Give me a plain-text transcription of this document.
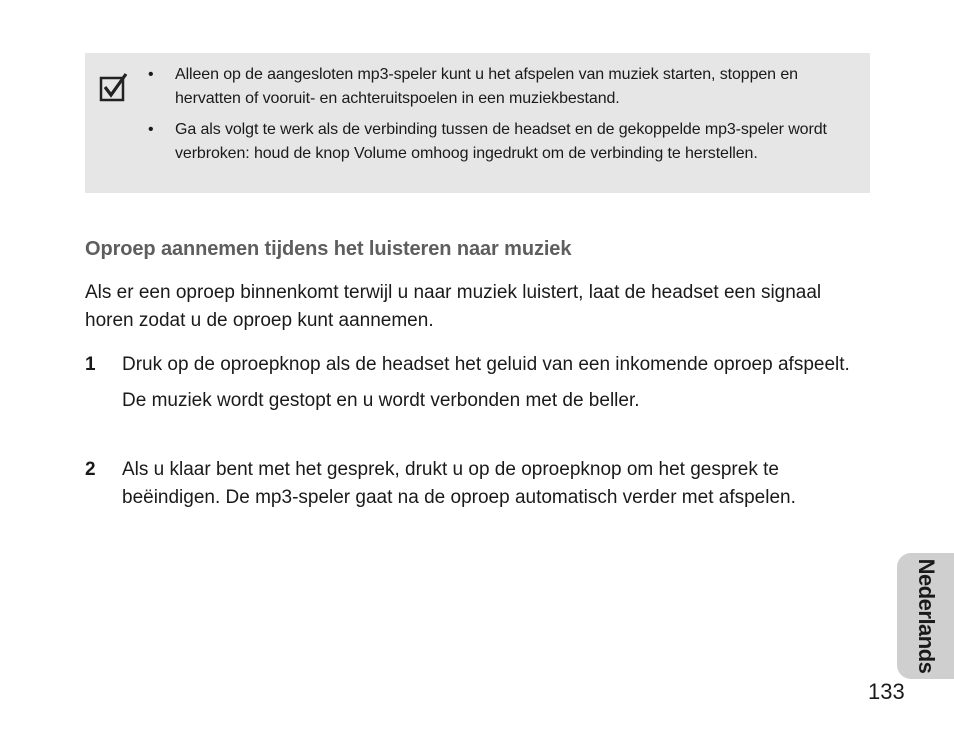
• Alleen op de aangesloten mp3-speler kunt u het afspelen van muziek starten, stoppen en hervatten of vooruit- en achteruitspoelen in een muziekbestand.
• Ga als volgt te werk als de verbinding tussen de headset en de gekoppelde mp3-speler wordt verbroken: houd de knop Volume omhoog ingedrukt om de verbinding te herstellen.
Oproep aannemen tijdens het luisteren naar muziek

Als er een oproep binnenkomt terwijl u naar muziek luistert, laat de headset een signaal horen zodat u de oproep kunt aannemen.

1 Druk op de oproepknop als de headset het geluid van een inkomende oproep afspeelt.
De muziek wordt gestopt en u wordt verbonden met de beller.
2 Als u klaar bent met het gesprek, drukt u op de oproepknop om het gesprek te beëindigen. De mp3-speler gaat na de oproep automatisch verder met afspelen.
Nederlands
133
